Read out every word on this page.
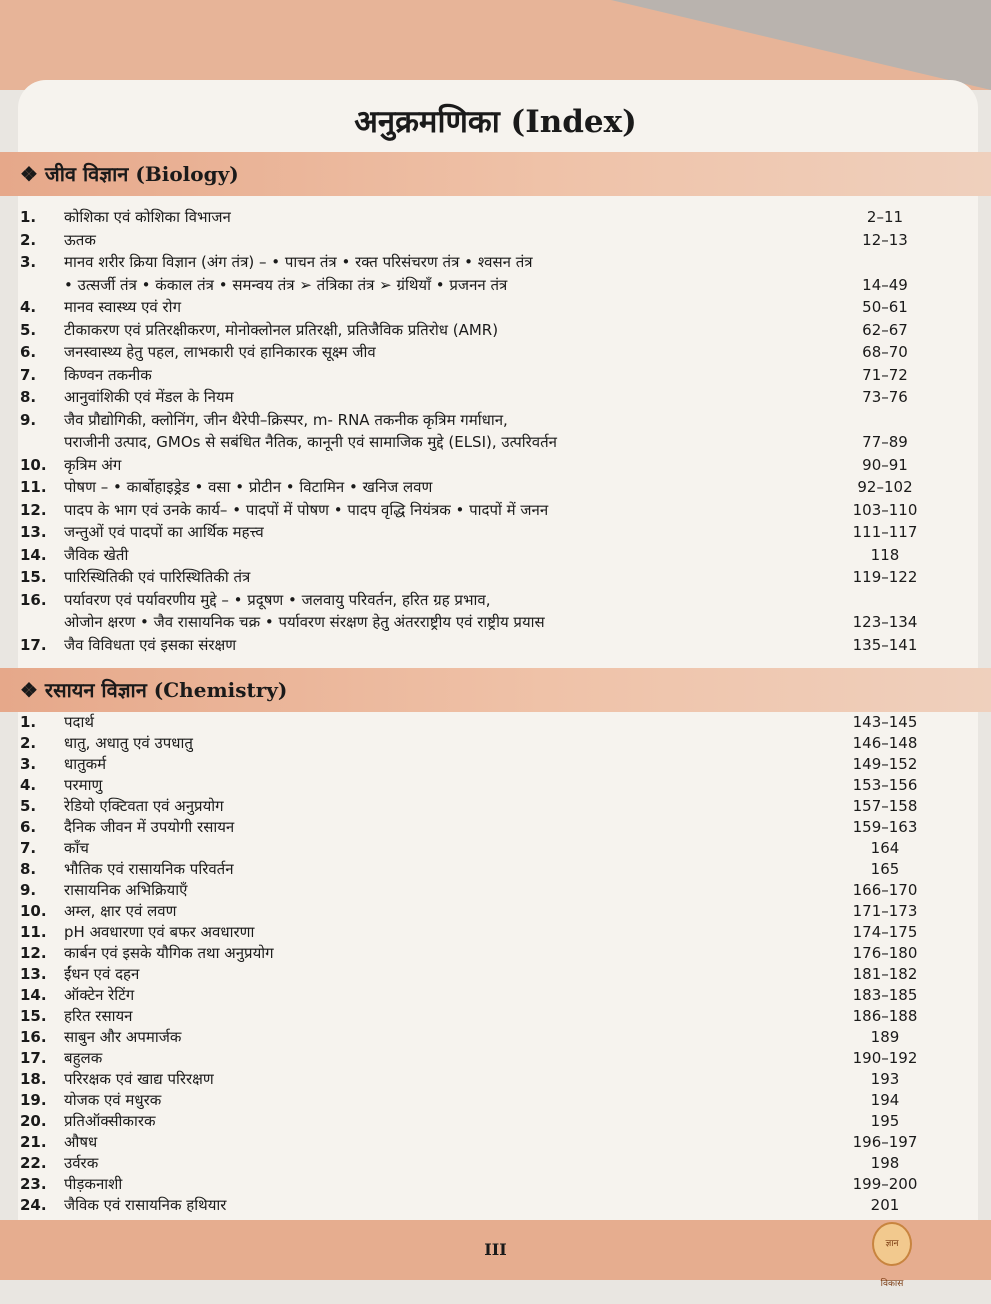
अनुक्रमणिका (Index)
❖ जीव विज्ञान (Biology)
1.	कोशिका एवं कोशिका विभाजन	2–11
2.	ऊतक	12–13
3.	मानव शरीर क्रिया विज्ञान (अंग तंत्र) – • पाचन तंत्र • रक्त परिसंचरण तंत्र • श्वसन तंत्र
• उत्सर्जी तंत्र • कंकाल तंत्र • समन्वय तंत्र ➢ तंत्रिका तंत्र ➢ ग्रंथियाँ • प्रजनन तंत्र	14–49
4.	मानव स्वास्थ्य एवं रोग	50–61
5.	टीकाकरण एवं प्रतिरक्षीकरण, मोनोक्लोनल प्रतिरक्षी, प्रतिजैविक प्रतिरोध (AMR)	62–67
6.	जनस्वास्थ्य हेतु पहल, लाभकारी एवं हानिकारक सूक्ष्म जीव	68–70
7.	किण्वन तकनीक	71–72
8.	आनुवांशिकी एवं मेंडल के नियम	73–76
9.	जैव प्रौद्योगिकी, क्लोनिंग, जीन थैरेपी–क्रिस्पर, m- RNA तकनीक कृत्रिम गर्माधान,
पराजीनी उत्पाद, GMOs से सबंधित नैतिक, कानूनी एवं सामाजिक मुद्दे (ELSI), उत्परिवर्तन	77–89
10.	कृत्रिम अंग	90–91
11.	पोषण – • कार्बोहाइड्रेड • वसा • प्रोटीन • विटामिन • खनिज लवण	92–102
12.	पादप के भाग एवं उनके कार्य– • पादपों में पोषण • पादप वृद्धि नियंत्रक • पादपों में जनन	103–110
13.	जन्तुओं एवं पादपों का आर्थिक महत्त्व	111–117
14.	जैविक खेती	118
15.	पारिस्थितिकी एवं पारिस्थितिकी तंत्र	119–122
16.	पर्यावरण एवं पर्यावरणीय मुद्दे – • प्रदूषण • जलवायु परिवर्तन, हरित ग्रह प्रभाव,
ओजोन क्षरण • जैव रासायनिक चक्र • पर्यावरण संरक्षण हेतु अंतरराष्ट्रीय एवं राष्ट्रीय प्रयास	123–134
17.	जैव विविधता एवं इसका संरक्षण	135–141
❖ रसायन विज्ञान (Chemistry)
1.	पदार्थ	143–145
2.	धातु, अधातु एवं उपधातु	146–148
3.	धातुकर्म	149–152
4.	परमाणु	153–156
5.	रेडियो एक्टिवता एवं अनुप्रयोग	157–158
6.	दैनिक जीवन में उपयोगी रसायन	159–163
7.	काँच	164
8.	भौतिक एवं रासायनिक परिवर्तन	165
9.	रासायनिक अभिक्रियाएँ	166–170
10.	अम्ल, क्षार एवं लवण	171–173
11.	pH अवधारणा एवं बफर अवधारणा	174–175
12.	कार्बन एवं इसके यौगिक तथा अनुप्रयोग	176–180
13.	ईंधन एवं दहन	181–182
14.	ऑक्टेन रेटिंग	183–185
15.	हरित रसायन	186–188
16.	साबुन और अपमार्जक	189
17.	बहुलक	190–192
18.	परिरक्षक एवं खाद्य परिरक्षण	193
19.	योजक एवं मधुरक	194
20.	प्रतिऑक्सीकारक	195
21.	औषध	196–197
22.	उर्वरक	198
23.	पीड़कनाशी	199–200
24.	जैविक एवं रासायनिक हथियार	201
III	ज्ञान विकास
